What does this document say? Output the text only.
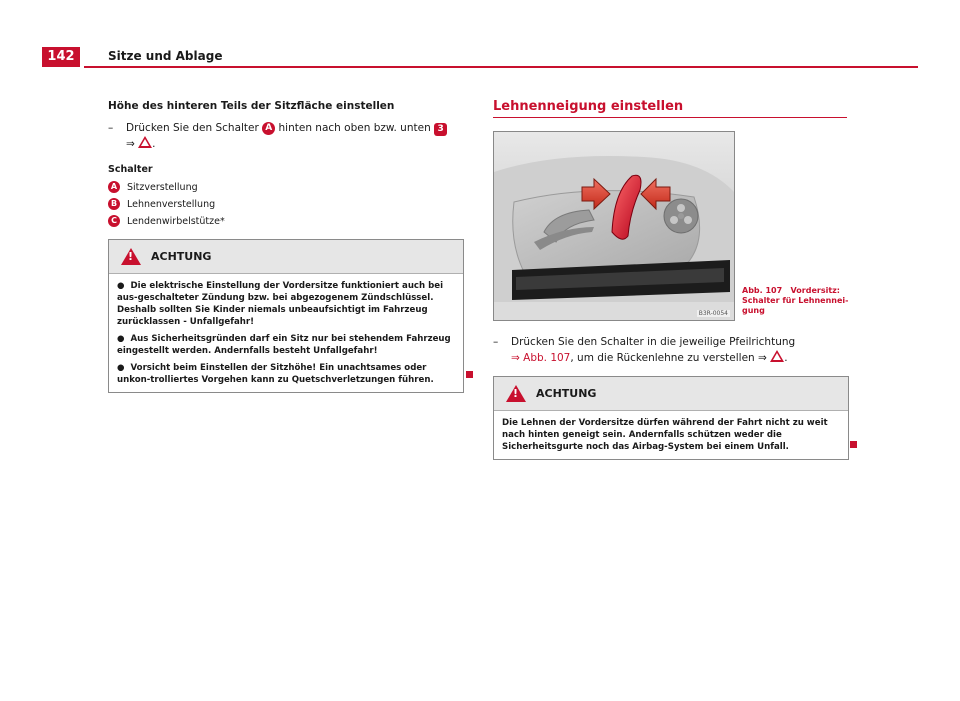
142	Sitze und Ablage
Höhe des hinteren Teils der Sitzfläche einstellen
– Drücken Sie den Schalter A hinten nach oben bzw. unten 3
⇒ .
Schalter
A	Sitzverstellung
B	Lehnenverstellung
C	Lendenwirbelstütze*
!
ACHTUNG

●  Die elektrische Einstellung der Vordersitze funktioniert auch bei aus-geschalteter Zündung bzw. bei abgezogenem Zündschlüssel. Deshalb sollten Sie Kinder niemals unbeaufsichtigt im Fahrzeug zurücklassen - Unfallgefahr!

●  Aus Sicherheitsgründen darf ein Sitz nur bei stehendem Fahrzeug eingestellt werden. Andernfalls besteht Unfallgefahr!

●  Vorsicht beim Einstellen der Sitzhöhe! Ein unachtsames oder unkon-trolliertes Vorgehen kann zu Quetschverletzungen führen.

Lehnenneigung einstellen
B3R-0054
Abb. 107 Vordersitz: Schalter für Lehnennei-gung
– Drücken Sie den Schalter in die jeweilige Pfeilrichtung
⇒ Abb. 107, um die Rückenlehne zu verstellen ⇒ .
!
ACHTUNG

Die Lehnen der Vordersitze dürfen während der Fahrt nicht zu weit nach hinten geneigt sein. Andernfalls schützen weder die Sicherheitsgurte noch das Airbag-System bei einem Unfall.
